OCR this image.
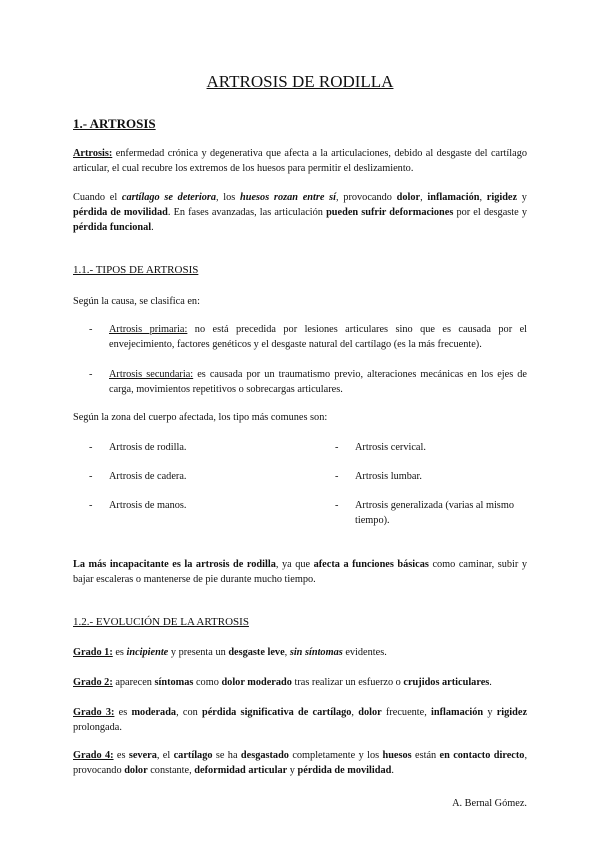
ARTROSIS DE RODILLA
1.- ARTROSIS
Artrosis: enfermedad crónica y degenerativa que afecta a la articulaciones, debido al desgaste del cartílago articular, el cual recubre los extremos de los huesos para permitir el deslizamiento.
Cuando el cartílago se deteriora, los huesos rozan entre sí, provocando dolor, inflamación, rigidez y pérdida de movilidad. En fases avanzadas, las articulación pueden sufrir deformaciones por el desgaste y pérdida funcional.
1.1.- TIPOS DE ARTROSIS
Según la causa, se clasifica en:
- Artrosis primaria: no está precedida por lesiones articulares sino que es causada por el envejecimiento, factores genéticos y el desgaste natural del cartílago (es la más frecuente).
- Artrosis secundaria: es causada por un traumatismo previo, alteraciones mecánicas en los ejes de carga, movimientos repetitivos o sobrecargas articulares.
Según la zona del cuerpo afectada, los tipo más comunes son:
- Artrosis de rodilla.
- Artrosis de cadera.
- Artrosis de manos.
- Artrosis cervical.
- Artrosis lumbar.
- Artrosis generalizada (varias al mismo tiempo).
La más incapacitante es la artrosis de rodilla, ya que afecta a funciones básicas como caminar, subir y bajar escaleras o mantenerse de pie durante mucho tiempo.
1.2.- EVOLUCIÓN DE LA ARTROSIS
Grado 1: es incipiente y presenta un desgaste leve, sin síntomas evidentes.
Grado 2: aparecen síntomas como dolor moderado tras realizar un esfuerzo o crujidos articulares.
Grado 3: es moderada, con pérdida significativa de cartílago, dolor frecuente, inflamación y rigidez prolongada.
Grado 4: es severa, el cartílago se ha desgastado completamente y los huesos están en contacto directo, provocando dolor constante, deformidad articular y pérdida de movilidad.
A. Bernal Gómez.
